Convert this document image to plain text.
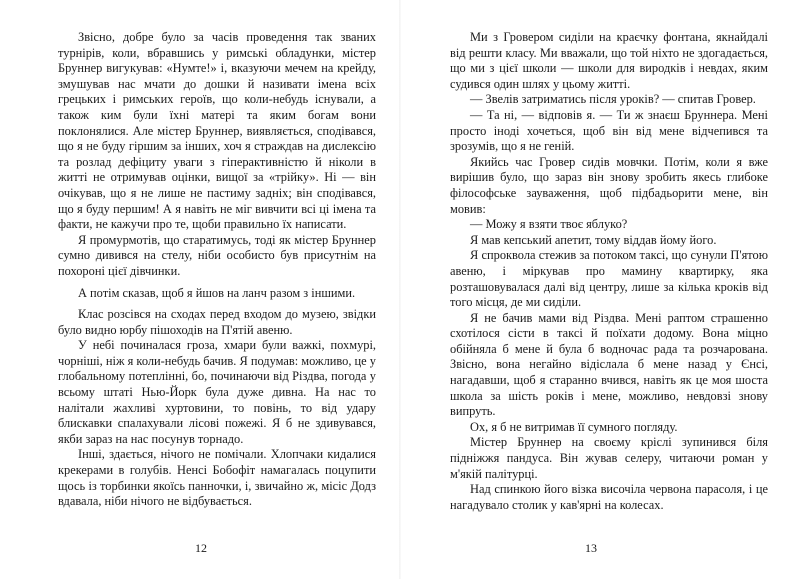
Звісно, добре було за часів проведення так званих турнірів, коли, вбравшись у римські обладунки, містер Бруннер вигукував: «Нумте!» і, вказуючи мечем на крейду, змушував нас мчати до дошки й називати імена всіх грецьких і римських героїв, що коли-небудь існували, а також ким були їхні матері та яким богам вони поклонялися. Але містер Бруннер, виявляється, сподівався, що я не буду гіршим за інших, хоч я страждав на дислексію та розлад дефіциту уваги з гіперактивністю й ніколи в житті не отримував оцінки, вищої за «трійку». Ні — він очікував, що я не лише не пастиму задніх; він сподівався, що я буду першим! А я навіть не міг вивчити всі ці імена та факти, не кажучи про те, щоби правильно їх написати.

Я промурмотів, що старатимусь, тоді як містер Бруннер сумно дивився на стелу, ніби особисто був присутнім на похороні цієї дівчинки.

А потім сказав, щоб я йшов на ланч разом з іншими.

Клас розсівся на сходах перед входом до музею, звідки було видно юрбу пішоходів на П'ятій авеню.

У небі починалася гроза, хмари були важкі, похмурі, чорніші, ніж я коли-небудь бачив. Я подумав: можливо, це у глобальному потеплінні, бо, починаючи від Різдва, погода у всьому штаті Нью-Йорк була дуже дивна. На нас то налітали жахливі хуртовини, то повінь, то від удару блискавки спалахували лісові пожежі. Я б не здивувався, якби зараз на нас посунув торнадо.

Інші, здається, нічого не помічали. Хлопчаки кидалися крекерами в голубів. Ненсі Бобофіт намагалась поцупити щось із торбинки якоїсь панночки, і, звичайно ж, місіс Додз вдавала, ніби нічого не відбувається.

12

Ми з Гровером сиділи на краєчку фонтана, якнайдалі від решти класу. Ми вважали, що той ніхто не здогадається, що ми з цієї школи — школи для виродків і невдах, яким судився один шлях у цьому житті.

— Звелів затриматись після уроків? — спитав Гровер.

— Та ні, — відповів я. — Ти ж знаєш Бруннера. Мені просто іноді хочеться, щоб він від мене відчепився та зрозумів, що я не геній.

Якийсь час Гровер сидів мовчки. Потім, коли я вже вирішив було, що зараз він знову зробить якесь глибоке філософське зауваження, щоб підбадьорити мене, він мовив:

— Можу я взяти твоє яблуко?

Я мав кепський апетит, тому віддав йому його.

Я спроквола стежив за потоком таксі, що сунули П'ятою авеню, і міркував про мамину квартирку, яка розташовувалася далі від центру, лише за кілька кроків від того місця, де ми сиділи.

Я не бачив мами від Різдва. Мені раптом страшенно схотілося сісти в таксі й поїхати додому. Вона міцно обійняла б мене й була б водночас рада та розчарована. Звісно, вона негайно відіслала б мене назад у Єнсі, нагадавши, щоб я старанно вчився, навіть як це моя шоста школа за шість років і мене, можливо, невдовзі знову випруть.

Ох, я б не витримав її сумного погляду.

Містер Бруннер на своєму кріслі зупинився біля підніжжя пандуса. Він жував селеру, читаючи роман у м'якій палітурці.

Над спинкою його візка височіла червона парасоля, і це нагадувало столик у кав'ярні на колесах.

13
